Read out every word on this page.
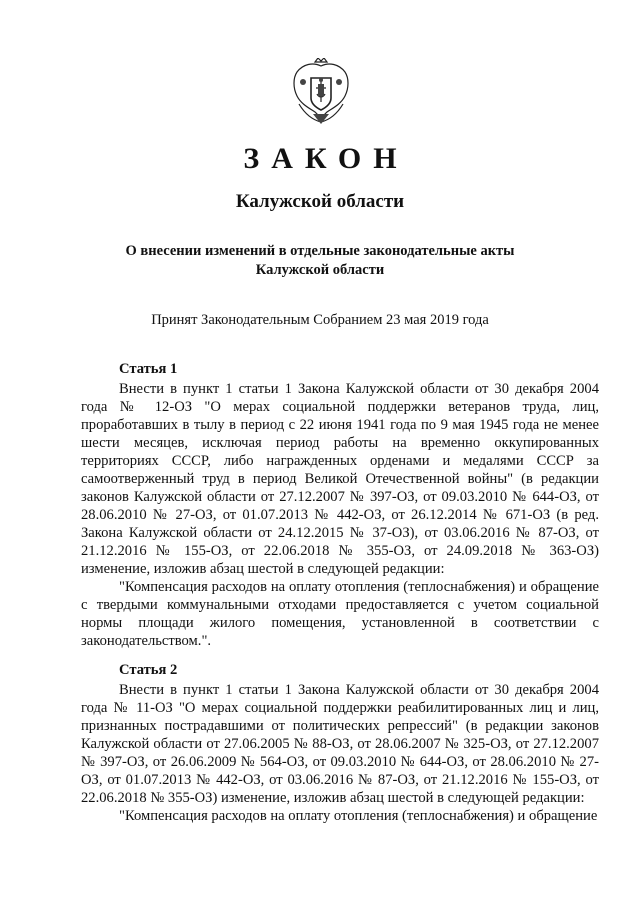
ЗАКОН
Калужской области
О внесении изменений в отдельные законодательные акты
Калужской области
Принят Законодательным Собранием 23 мая 2019 года
Статья 1

Внести в пункт 1 статьи 1 Закона Калужской области от 30 декабря 2004 года № 12-ОЗ "О мерах социальной поддержки ветеранов труда, лиц, проработавших в тылу в период с 22 июня 1941 года по 9 мая 1945 года не менее шести месяцев, исключая период работы на временно оккупированных территориях СССР, либо награжденных орденами и медалями СССР за самоотверженный труд в период Великой Отечественной войны" (в редакции законов Калужской области от 27.12.2007 № 397-ОЗ, от 09.03.2010 № 644-ОЗ, от 28.06.2010 № 27-ОЗ, от 01.07.2013 № 442-ОЗ, от 26.12.2014 № 671-ОЗ (в ред. Закона Калужской области от 24.12.2015 № 37-ОЗ), от 03.06.2016 № 87-ОЗ, от 21.12.2016 № 155-ОЗ, от 22.06.2018 № 355-ОЗ, от 24.09.2018 № 363-ОЗ) изменение, изложив абзац шестой в следующей редакции:

"Компенсация расходов на оплату отопления (теплоснабжения) и обращение с твердыми коммунальными отходами предоставляется с учетом социальной нормы площади жилого помещения, установленной в соответствии с законодательством.".

Статья 2

Внести в пункт 1 статьи 1 Закона Калужской области от 30 декабря 2004 года № 11-ОЗ "О мерах социальной поддержки реабилитированных лиц и лиц, признанных пострадавшими от политических репрессий" (в редакции законов Калужской области от 27.06.2005 № 88-ОЗ, от 28.06.2007 № 325-ОЗ, от 27.12.2007 № 397-ОЗ, от 26.06.2009 № 564-ОЗ, от 09.03.2010 № 644-ОЗ, от 28.06.2010 № 27-ОЗ, от 01.07.2013 № 442-ОЗ, от 03.06.2016 № 87-ОЗ, от 21.12.2016 № 155-ОЗ, от 22.06.2018 № 355-ОЗ) изменение, изложив абзац шестой в следующей редакции:

"Компенсация расходов на оплату отопления (теплоснабжения) и обращение
